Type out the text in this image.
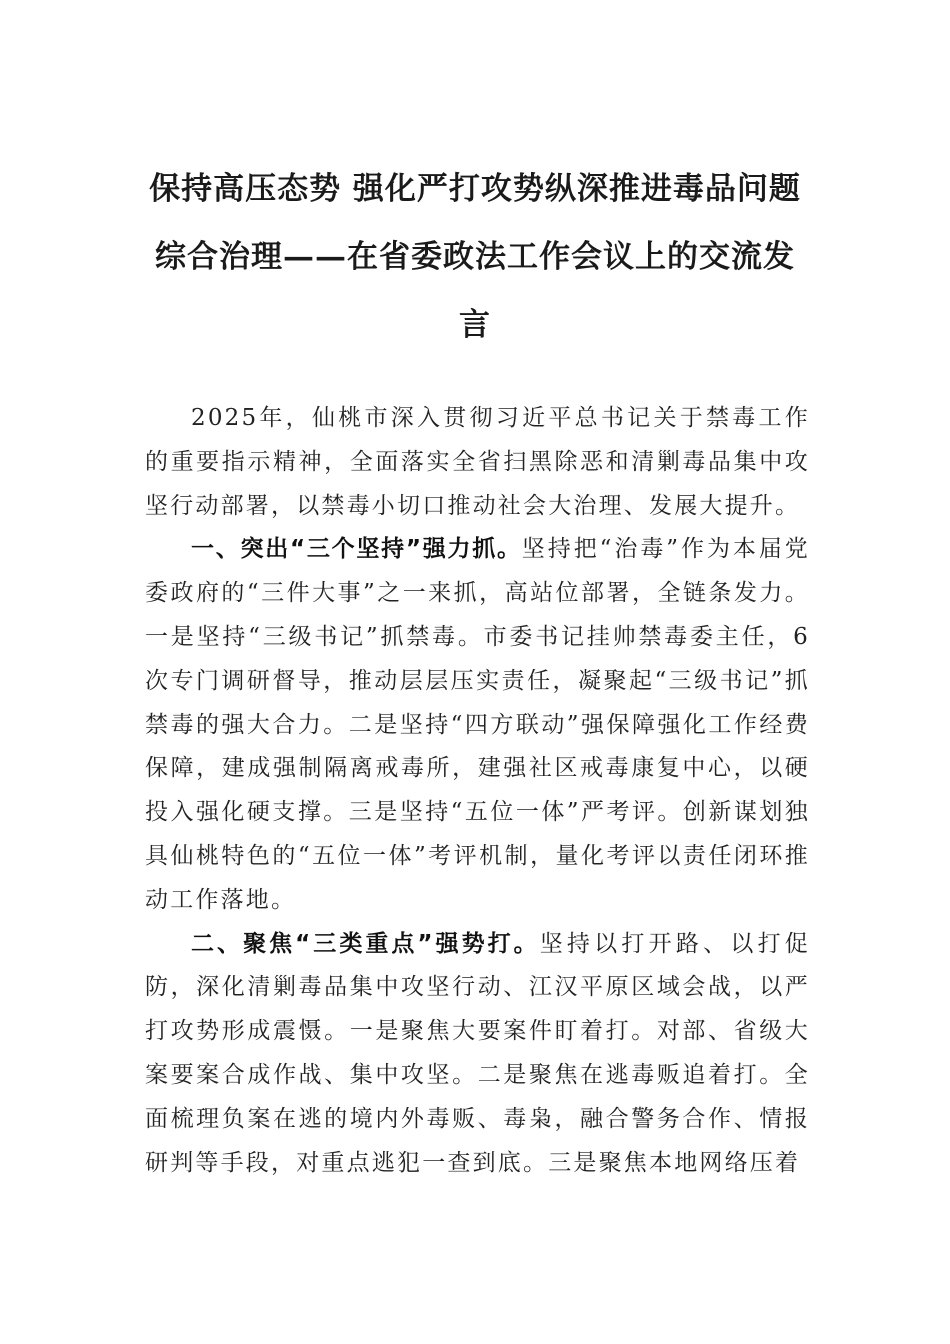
保持高压态势 强化严打攻势纵深推进毒品问题综合治理——在省委政法工作会议上的交流发言

2025年，仙桃市深入贯彻习近平总书记关于禁毒工作的重要指示精神，全面落实全省扫黑除恶和清剿毒品集中攻坚行动部署，以禁毒小切口推动社会大治理、发展大提升。

一、突出“三个坚持”强力抓。坚持把“治毒”作为本届党委政府的“三件大事”之一来抓，高站位部署，全链条发力。一是坚持“三级书记”抓禁毒。市委书记挂帅禁毒委主任，6次专门调研督导，推动层层压实责任，凝聚起“三级书记”抓禁毒的强大合力。二是坚持“四方联动”强保障强化工作经费保障，建成强制隔离戒毒所，建强社区戒毒康复中心，以硬投入强化硬支撑。三是坚持“五位一体”严考评。创新谋划独具仙桃特色的“五位一体”考评机制，量化考评以责任闭环推动工作落地。

二、聚焦“三类重点”强势打。坚持以打开路、以打促防，深化清剿毒品集中攻坚行动、江汉平原区域会战，以严打攻势形成震慑。一是聚焦大要案件盯着打。对部、省级大案要案合成作战、集中攻坚。二是聚焦在逃毒贩追着打。全面梳理负案在逃的境内外毒贩、毒枭，融合警务合作、情报研判等手段，对重点逃犯一查到底。三是聚焦本地网络压着
